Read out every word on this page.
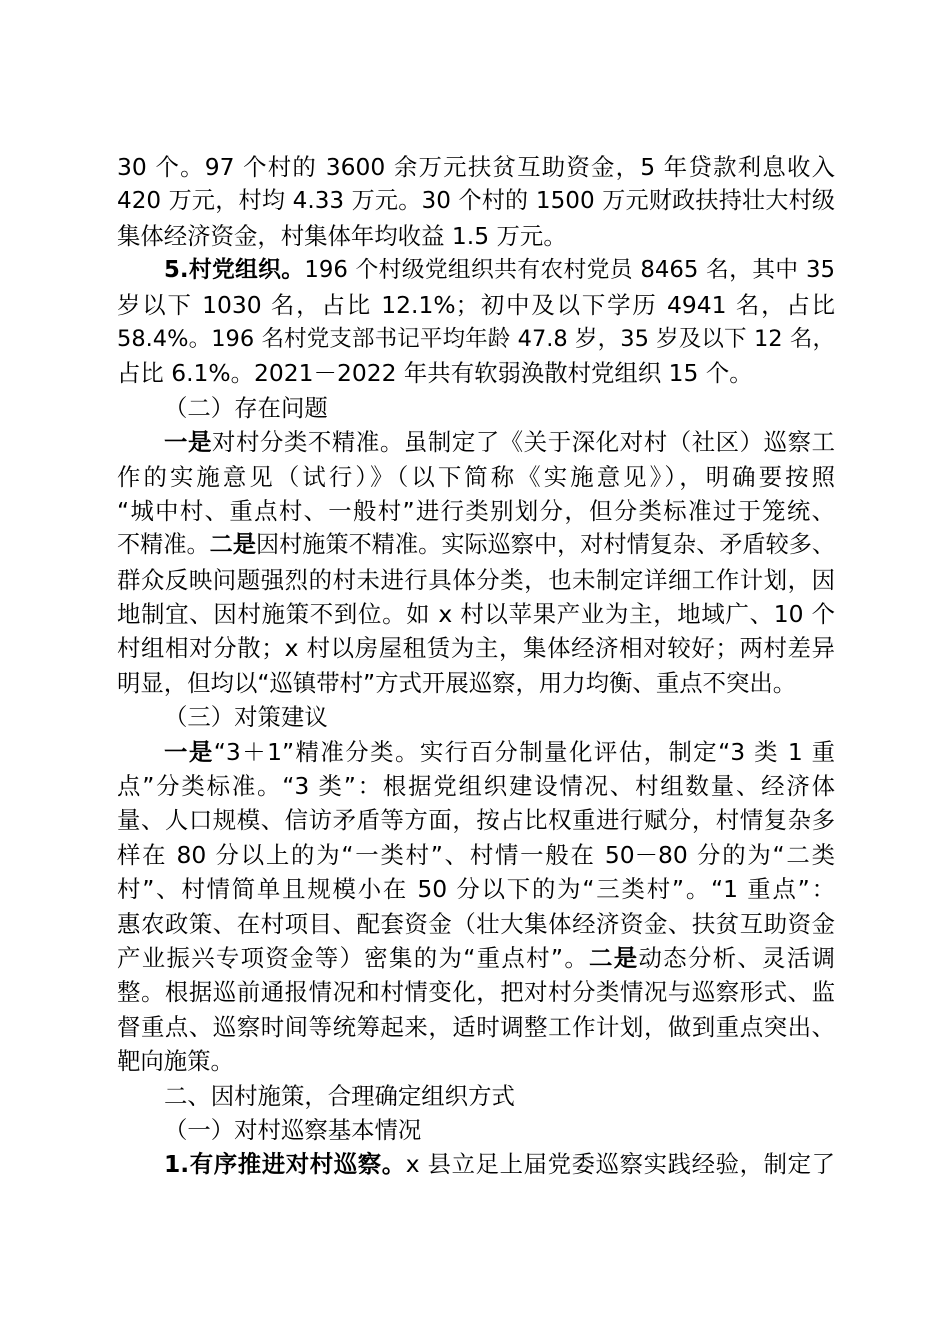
30 个。97 个村的 3600 余万元扶贫互助资金，5 年贷款利息收入
420 万元，村均 4.33 万元。30 个村的 1500 万元财政扶持壮大村级
集体经济资金，村集体年均收益 1.5 万元。
5.村党组织。196 个村级党组织共有农村党员 8465 名，其中 35
岁以下 1030 名，占比 12.1%；初中及以下学历 4941 名，占比
58.4%。196 名村党支部书记平均年龄 47.8 岁，35 岁及以下 12 名，
占比 6.1%。2021－2022 年共有软弱涣散村党组织 15 个。
（二）存在问题
一是对村分类不精准。虽制定了《关于深化对村（社区）巡察工
作的实施意见（试行）》（以下简称《实施意见》），明确要按照
“城中村、重点村、一般村”进行类别划分，但分类标准过于笼统、
不精准。二是因村施策不精准。实际巡察中，对村情复杂、矛盾较多、
群众反映问题强烈的村未进行具体分类，也未制定详细工作计划，因
地制宜、因村施策不到位。如 x 村以苹果产业为主，地域广、10 个
村组相对分散；x 村以房屋租赁为主，集体经济相对较好；两村差异
明显，但均以“巡镇带村”方式开展巡察，用力均衡、重点不突出。
（三）对策建议
一是“3＋1”精准分类。实行百分制量化评估，制定“3 类 1 重
点”分类标准。“3 类”：根据党组织建设情况、村组数量、经济体
量、人口规模、信访矛盾等方面，按占比权重进行赋分，村情复杂多
样在 80 分以上的为“一类村”、村情一般在 50－80 分的为“二类
村”、村情简单且规模小在 50 分以下的为“三类村”。“1 重点”：
惠农政策、在村项目、配套资金（壮大集体经济资金、扶贫互助资金
产业振兴专项资金等）密集的为“重点村”。二是动态分析、灵活调
整。根据巡前通报情况和村情变化，把对村分类情况与巡察形式、监
督重点、巡察时间等统筹起来，适时调整工作计划，做到重点突出、
靶向施策。
二、因村施策，合理确定组织方式
（一）对村巡察基本情况
1.有序推进对村巡察。x 县立足上届党委巡察实践经验，制定了
